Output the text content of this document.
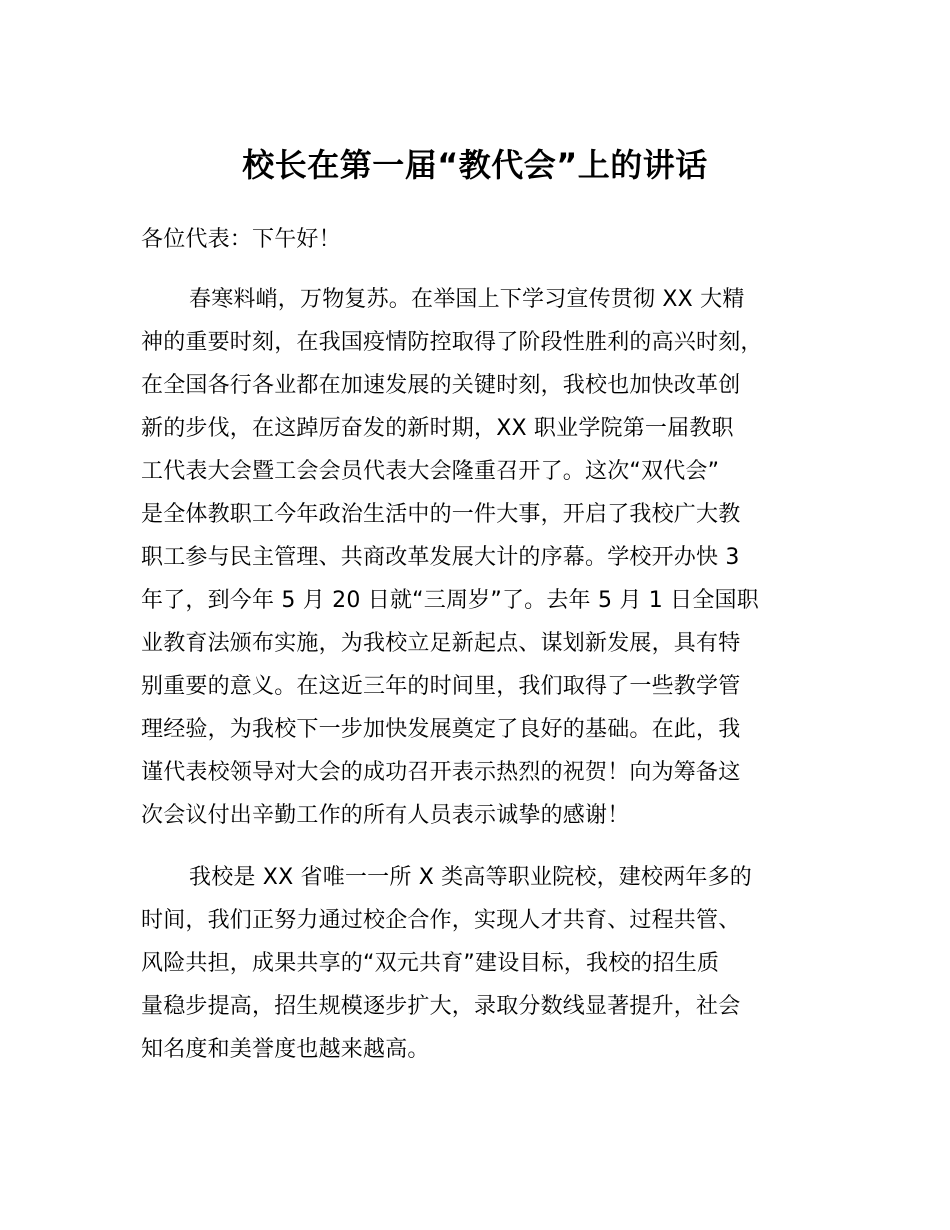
校长在第一届“教代会”上的讲话
各位代表：下午好！
春寒料峭，万物复苏。在举国上下学习宣传贯彻 XX 大精
神的重要时刻，在我国疫情防控取得了阶段性胜利的高兴时刻，
在全国各行各业都在加速发展的关键时刻，我校也加快改革创
新的步伐，在这踔厉奋发的新时期，XX 职业学院第一届教职
工代表大会暨工会会员代表大会隆重召开了。这次“双代会”
是全体教职工今年政治生活中的一件大事，开启了我校广大教
职工参与民主管理、共商改革发展大计的序幕。学校开办快 3
年了，到今年 5 月 20 日就“三周岁”了。去年 5 月 1 日全国职
业教育法颁布实施，为我校立足新起点、谋划新发展，具有特
别重要的意义。在这近三年的时间里，我们取得了一些教学管
理经验，为我校下一步加快发展奠定了良好的基础。在此，我
谨代表校领导对大会的成功召开表示热烈的祝贺！向为筹备这
次会议付出辛勤工作的所有人员表示诚挚的感谢！
我校是 XX 省唯一一所 X 类高等职业院校，建校两年多的
时间，我们正努力通过校企合作，实现人才共育、过程共管、
风险共担，成果共享的“双元共育”建设目标，我校的招生质
量稳步提高，招生规模逐步扩大，录取分数线显著提升，社会
知名度和美誉度也越来越高。
